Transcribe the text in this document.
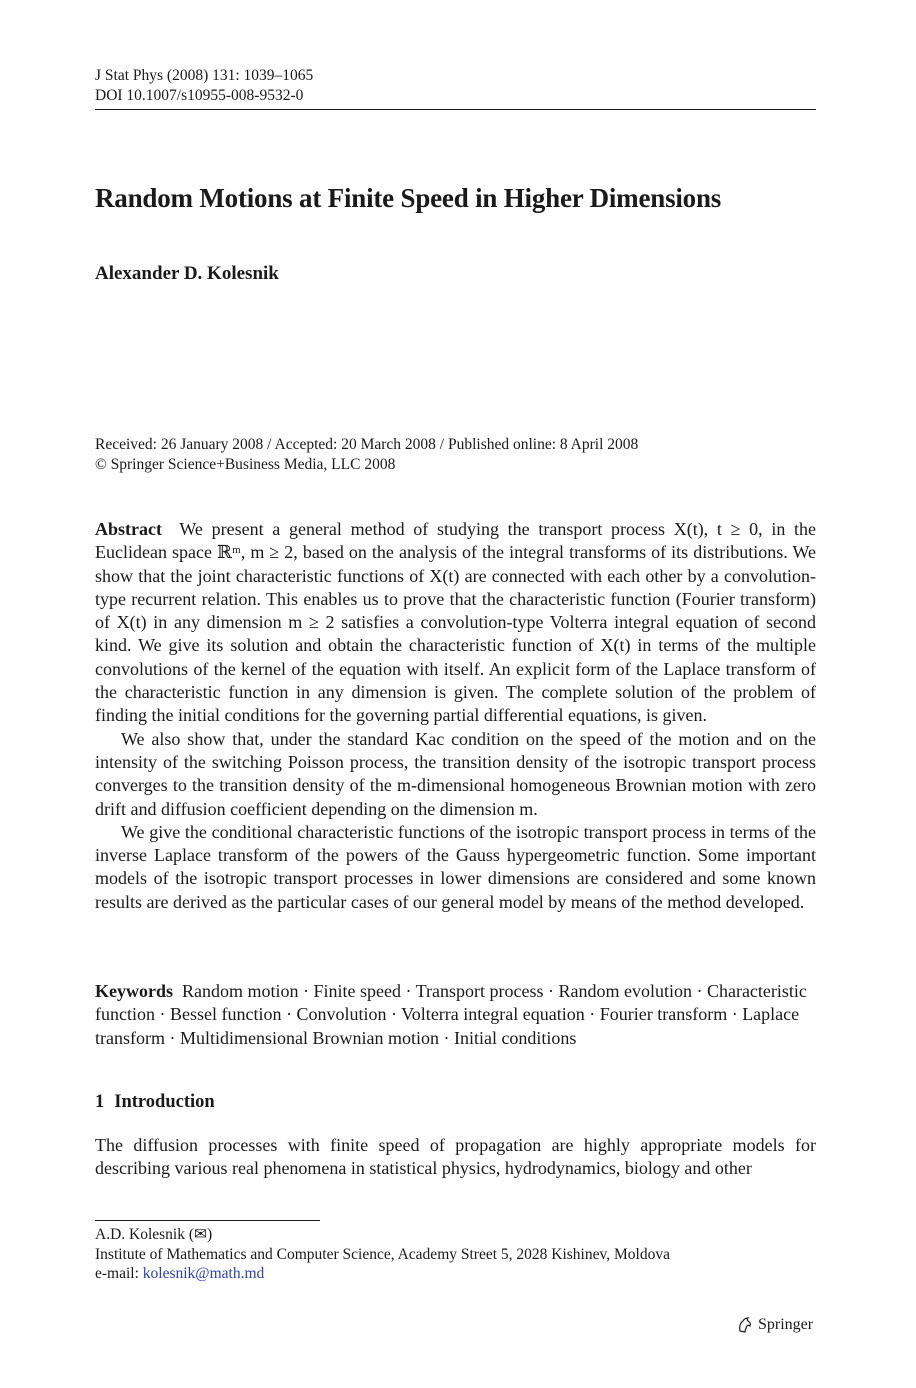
J Stat Phys (2008) 131: 1039–1065
DOI 10.1007/s10955-008-9532-0
Random Motions at Finite Speed in Higher Dimensions
Alexander D. Kolesnik
Received: 26 January 2008 / Accepted: 20 March 2008 / Published online: 8 April 2008
© Springer Science+Business Media, LLC 2008

Abstract We present a general method of studying the transport process X(t), t ≥ 0, in the Euclidean space ℝᵐ, m ≥ 2, based on the analysis of the integral transforms of its distributions. We show that the joint characteristic functions of X(t) are connected with each other by a convolution-type recurrent relation. This enables us to prove that the characteristic function (Fourier transform) of X(t) in any dimension m ≥ 2 satisfies a convolution-type Volterra integral equation of second kind. We give its solution and obtain the characteristic function of X(t) in terms of the multiple convolutions of the kernel of the equation with itself. An explicit form of the Laplace transform of the characteristic function in any dimension is given. The complete solution of the problem of finding the initial conditions for the governing partial differential equations, is given.

We also show that, under the standard Kac condition on the speed of the motion and on the intensity of the switching Poisson process, the transition density of the isotropic transport process converges to the transition density of the m-dimensional homogeneous Brownian motion with zero drift and diffusion coefficient depending on the dimension m.

We give the conditional characteristic functions of the isotropic transport process in terms of the inverse Laplace transform of the powers of the Gauss hypergeometric function. Some important models of the isotropic transport processes in lower dimensions are considered and some known results are derived as the particular cases of our general model by means of the method developed.

Keywords Random motion · Finite speed · Transport process · Random evolution · Characteristic function · Bessel function · Convolution · Volterra integral equation · Fourier transform · Laplace transform · Multidimensional Brownian motion · Initial conditions
1 Introduction
The diffusion processes with finite speed of propagation are highly appropriate models for describing various real phenomena in statistical physics, hydrodynamics, biology and other
A.D. Kolesnik (✉)
Institute of Mathematics and Computer Science, Academy Street 5, 2028 Kishinev, Moldova
e-mail: kolesnik@math.md
Springer
